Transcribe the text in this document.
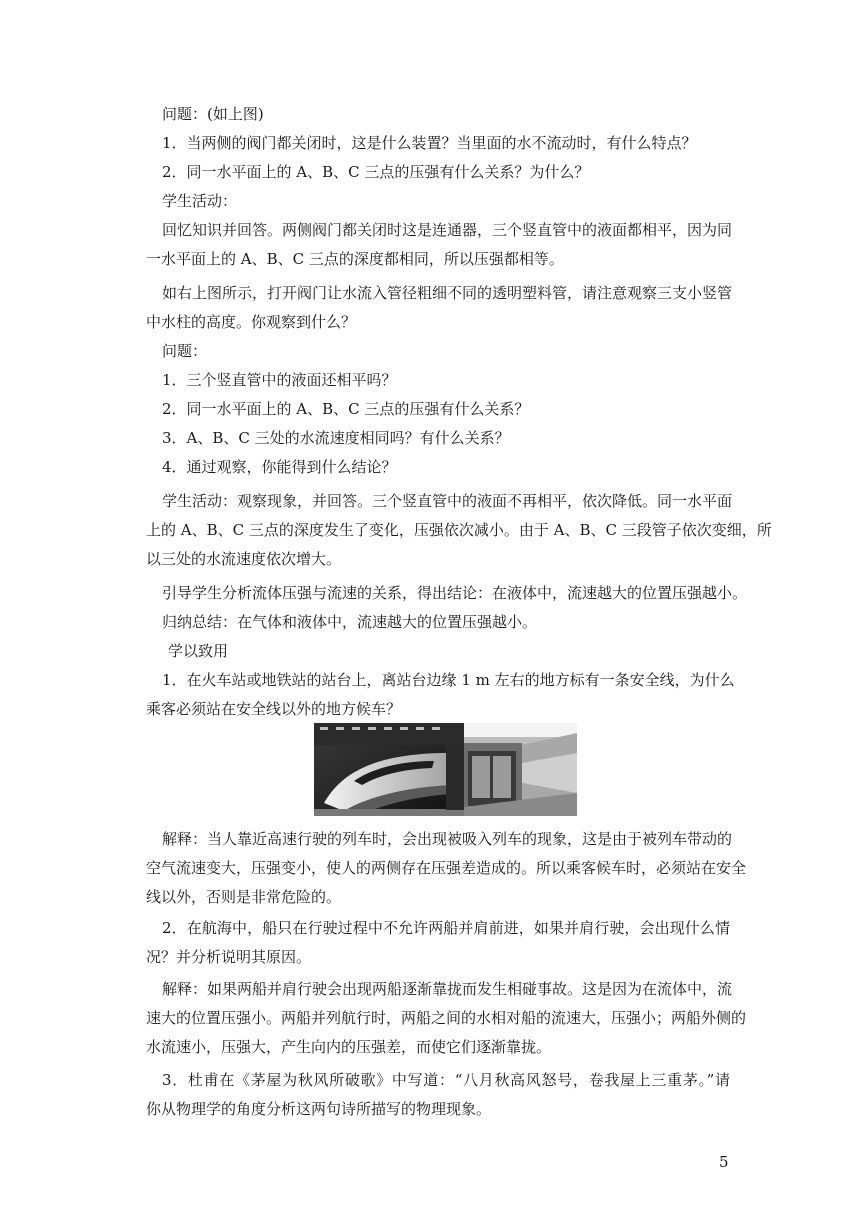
问题：(如上图)
1．当两侧的阀门都关闭时，这是什么装置？当里面的水不流动时，有什么特点？
2．同一水平面上的 A、B、C 三点的压强有什么关系？为什么？
学生活动：
回忆知识并回答。两侧阀门都关闭时这是连通器，三个竖直管中的液面都相平，因为同
一水平面上的 A、B、C 三点的深度都相同，所以压强都相等。
如右上图所示，打开阀门让水流入管径粗细不同的透明塑料管，请注意观察三支小竖管
中水柱的高度。你观察到什么？
问题：
1．三个竖直管中的液面还相平吗？
2．同一水平面上的 A、B、C 三点的压强有什么关系？
3．A、B、C 三处的水流速度相同吗？有什么关系？
4．通过观察，你能得到什么结论？
学生活动：观察现象，并回答。三个竖直管中的液面不再相平，依次降低。同一水平面
上的 A、B、C 三点的深度发生了变化，压强依次减小。由于 A、B、C 三段管子依次变细，所
以三处的水流速度依次增大。
引导学生分析流体压强与流速的关系，得出结论：在液体中，流速越大的位置压强越小。
归纳总结：在气体和液体中，流速越大的位置压强越小。
学以致用
1．在火车站或地铁站的站台上，离站台边缘 1 m 左右的地方标有一条安全线，为什么
乘客必须站在安全线以外的地方候车？
解释：当人靠近高速行驶的列车时，会出现被吸入列车的现象，这是由于被列车带动的
空气流速变大，压强变小，使人的两侧存在压强差造成的。所以乘客候车时，必须站在安全
线以外，否则是非常危险的。
2．在航海中，船只在行驶过程中不允许两船并肩前进，如果并肩行驶，会出现什么情
况？并分析说明其原因。
解释：如果两船并肩行驶会出现两船逐渐靠拢而发生相碰事故。这是因为在流体中，流
速大的位置压强小。两船并列航行时，两船之间的水相对船的流速大，压强小；两船外侧的
水流速小，压强大，产生向内的压强差，而使它们逐渐靠拢。
3．杜甫在《茅屋为秋风所破歌》中写道：“八月秋高风怒号，卷我屋上三重茅。”请
你从物理学的角度分析这两句诗所描写的物理现象。
5
